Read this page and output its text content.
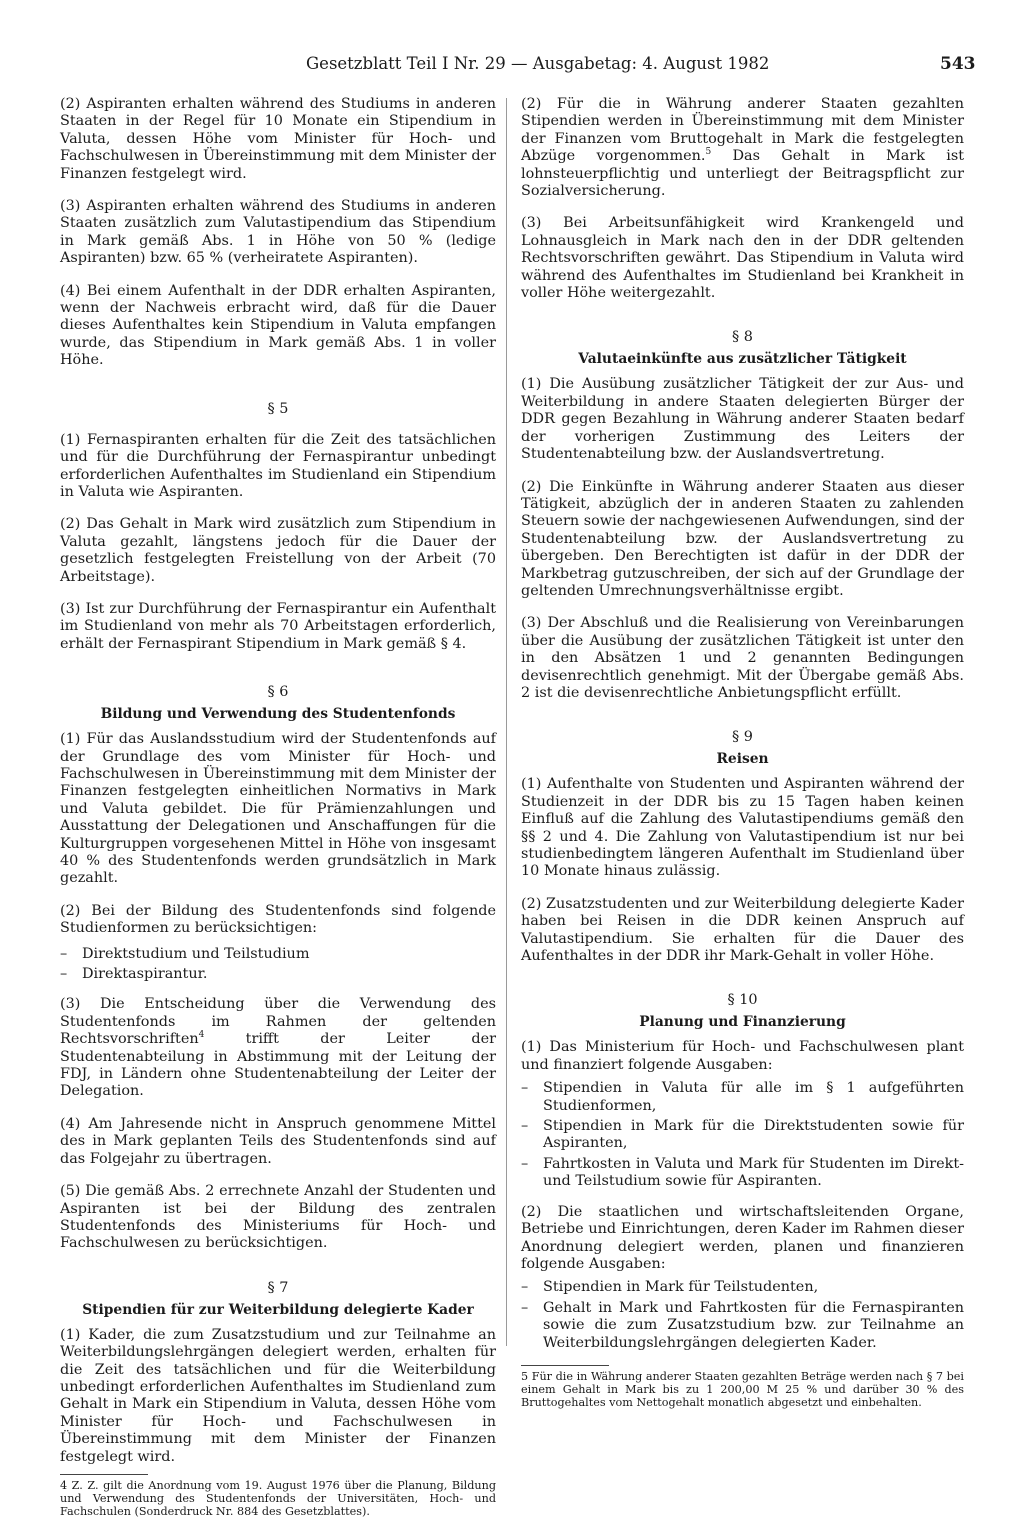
Gesetzblatt Teil I Nr. 29 — Ausgabetag: 4. August 1982	543

(2) Aspiranten erhalten während des Studiums in anderen Staaten in der Regel für 10 Monate ein Stipendium in Valuta, dessen Höhe vom Minister für Hoch- und Fachschulwesen in Übereinstimmung mit dem Minister der Finanzen festgelegt wird.

(3) Aspiranten erhalten während des Studiums in anderen Staaten zusätzlich zum Valutastipendium das Stipendium in Mark gemäß Abs. 1 in Höhe von 50 % (ledige Aspiranten) bzw. 65 % (verheiratete Aspiranten).

(4) Bei einem Aufenthalt in der DDR erhalten Aspiranten, wenn der Nachweis erbracht wird, daß für die Dauer dieses Aufenthaltes kein Stipendium in Valuta empfangen wurde, das Stipendium in Mark gemäß Abs. 1 in voller Höhe.

§ 5

(1) Fernaspiranten erhalten für die Zeit des tatsächlichen und für die Durchführung der Fernaspirantur unbedingt erforderlichen Aufenthaltes im Studienland ein Stipendium in Valuta wie Aspiranten.

(2) Das Gehalt in Mark wird zusätzlich zum Stipendium in Valuta gezahlt, längstens jedoch für die Dauer der gesetzlich festgelegten Freistellung von der Arbeit (70 Arbeitstage).

(3) Ist zur Durchführung der Fernaspirantur ein Aufenthalt im Studienland von mehr als 70 Arbeitstagen erforderlich, erhält der Fernaspirant Stipendium in Mark gemäß § 4.

§ 6
Bildung und Verwendung des Studentenfonds

(1) Für das Auslandsstudium wird der Studentenfonds auf der Grundlage des vom Minister für Hoch- und Fachschulwesen in Übereinstimmung mit dem Minister der Finanzen festgelegten einheitlichen Normativs in Mark und Valuta gebildet. Die für Prämienzahlungen und Ausstattung der Delegationen und Anschaffungen für die Kulturgruppen vorgesehenen Mittel in Höhe von insgesamt 40 % des Studentenfonds werden grundsätzlich in Mark gezahlt.

(2) Bei der Bildung des Studentenfonds sind folgende Studienformen zu berücksichtigen:

– Direktstudium und Teilstudium
– Direktaspirantur.

(3) Die Entscheidung über die Verwendung des Studentenfonds im Rahmen der geltenden Rechtsvorschriften$^4$ trifft der Leiter der Studentenabteilung in Abstimmung mit der Leitung der FDJ, in Ländern ohne Studentenabteilung der Leiter der Delegation.

(4) Am Jahresende nicht in Anspruch genommene Mittel des in Mark geplanten Teils des Studentenfonds sind auf das Folgejahr zu übertragen.

(5) Die gemäß Abs. 2 errechnete Anzahl der Studenten und Aspiranten ist bei der Bildung des zentralen Studentenfonds des Ministeriums für Hoch- und Fachschulwesen zu berücksichtigen.

§ 7
Stipendien für zur Weiterbildung delegierte Kader

(1) Kader, die zum Zusatzstudium und zur Teilnahme an Weiterbildungslehrgängen delegiert werden, erhalten für die Zeit des tatsächlichen und für die Weiterbildung unbedingt erforderlichen Aufenthaltes im Studienland zum Gehalt in Mark ein Stipendium in Valuta, dessen Höhe vom Minister für Hoch- und Fachschulwesen in Übereinstimmung mit dem Minister der Finanzen festgelegt wird.

4 Z. Z. gilt die Anordnung vom 19. August 1976 über die Planung, Bildung und Verwendung des Studentenfonds der Universitäten, Hoch- und Fachschulen (Sonderdruck Nr. 884 des Gesetzblattes).

(2) Für die in Währung anderer Staaten gezahlten Stipendien werden in Übereinstimmung mit dem Minister der Finanzen vom Bruttogehalt in Mark die festgelegten Abzüge vorgenommen.$^5$ Das Gehalt in Mark ist lohnsteuerpflichtig und unterliegt der Beitragspflicht zur Sozialversicherung.

(3) Bei Arbeitsunfähigkeit wird Krankengeld und Lohnausgleich in Mark nach den in der DDR geltenden Rechtsvorschriften gewährt. Das Stipendium in Valuta wird während des Aufenthaltes im Studienland bei Krankheit in voller Höhe weitergezahlt.

§ 8
Valutaeinkünfte aus zusätzlicher Tätigkeit

(1) Die Ausübung zusätzlicher Tätigkeit der zur Aus- und Weiterbildung in andere Staaten delegierten Bürger der DDR gegen Bezahlung in Währung anderer Staaten bedarf der vorherigen Zustimmung des Leiters der Studentenabteilung bzw. der Auslandsvertretung.

(2) Die Einkünfte in Währung anderer Staaten aus dieser Tätigkeit, abzüglich der in anderen Staaten zu zahlenden Steuern sowie der nachgewiesenen Aufwendungen, sind der Studentenabteilung bzw. der Auslandsvertretung zu übergeben. Den Berechtigten ist dafür in der DDR der Markbetrag gutzuschreiben, der sich auf der Grundlage der geltenden Umrechnungsverhältnisse ergibt.

(3) Der Abschluß und die Realisierung von Vereinbarungen über die Ausübung der zusätzlichen Tätigkeit ist unter den in den Absätzen 1 und 2 genannten Bedingungen devisenrechtlich genehmigt. Mit der Übergabe gemäß Abs. 2 ist die devisenrechtliche Anbietungspflicht erfüllt.

§ 9
Reisen

(1) Aufenthalte von Studenten und Aspiranten während der Studienzeit in der DDR bis zu 15 Tagen haben keinen Einfluß auf die Zahlung des Valutastipendiums gemäß den §§ 2 und 4. Die Zahlung von Valutastipendium ist nur bei studienbedingtem längeren Aufenthalt im Studienland über 10 Monate hinaus zulässig.

(2) Zusatzstudenten und zur Weiterbildung delegierte Kader haben bei Reisen in die DDR keinen Anspruch auf Valutastipendium. Sie erhalten für die Dauer des Aufenthaltes in der DDR ihr Mark-Gehalt in voller Höhe.

§ 10
Planung und Finanzierung

(1) Das Ministerium für Hoch- und Fachschulwesen plant und finanziert folgende Ausgaben:

– Stipendien in Valuta für alle im § 1 aufgeführten Studienformen,
– Stipendien in Mark für die Direktstudenten sowie für Aspiranten,
– Fahrtkosten in Valuta und Mark für Studenten im Direkt- und Teilstudium sowie für Aspiranten.

(2) Die staatlichen und wirtschaftsleitenden Organe, Betriebe und Einrichtungen, deren Kader im Rahmen dieser Anordnung delegiert werden, planen und finanzieren folgende Ausgaben:

– Stipendien in Mark für Teilstudenten,
– Gehalt in Mark und Fahrtkosten für die Fernaspiranten sowie die zum Zusatzstudium bzw. zur Teilnahme an Weiterbildungslehrgängen delegierten Kader.

5 Für die in Währung anderer Staaten gezahlten Beträge werden nach § 7 bei einem Gehalt in Mark bis zu 1 200,00 M 25 % und darüber 30 % des Bruttogehaltes vom Nettogehalt monatlich abgesetzt und einbehalten.
